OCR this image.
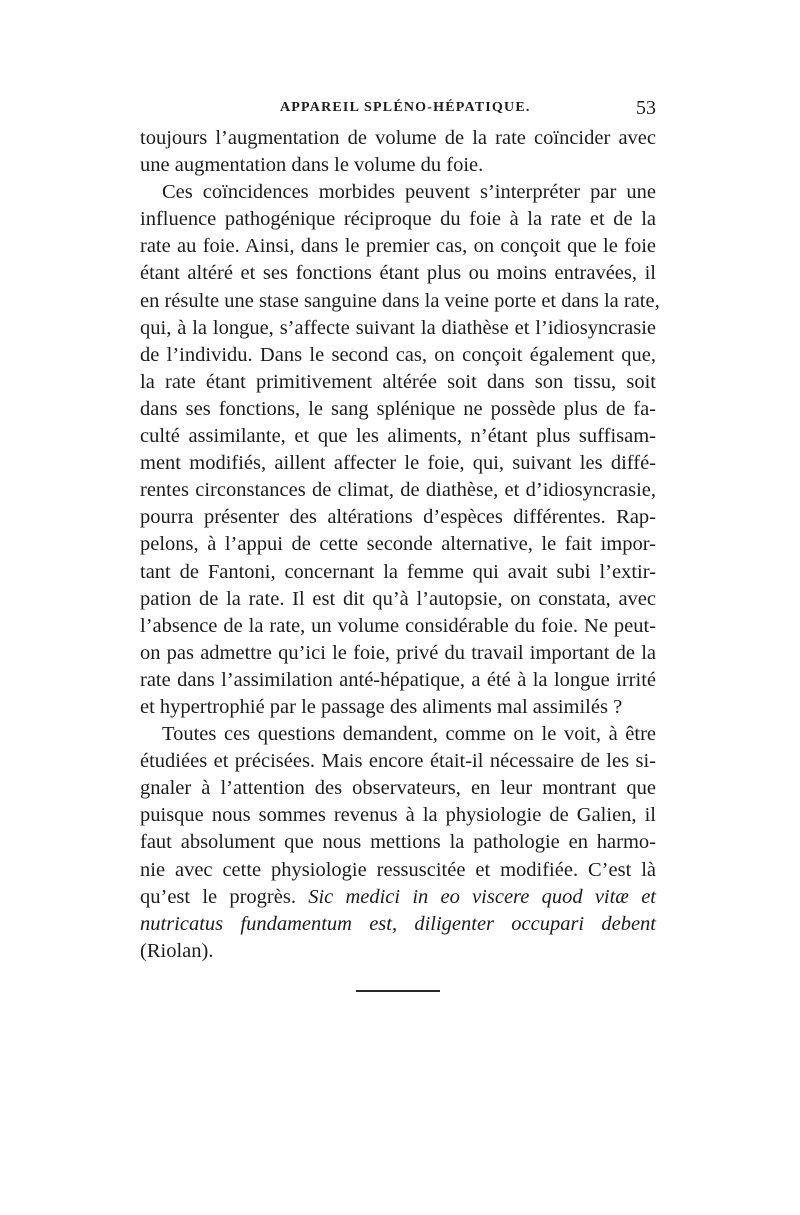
APPAREIL SPLÉNO-HÉPATIQUE.	53
toujours l’augmentation de volume de la rate coïncider avec
une augmentation dans le volume du foie.
Ces coïncidences morbides peuvent s’interpréter par une
influence pathogénique réciproque du foie à la rate et de la
rate au foie. Ainsi, dans le premier cas, on conçoit que le foie
étant altéré et ses fonctions étant plus ou moins entravées, il
en résulte une stase sanguine dans la veine porte et dans la rate,
qui, à la longue, s’affecte suivant la diathèse et l’idiosyncrasie
de l’individu. Dans le second cas, on conçoit également que,
la rate étant primitivement altérée soit dans son tissu, soit
dans ses fonctions, le sang splénique ne possède plus de fa-
culté assimilante, et que les aliments, n’étant plus suffisam-
ment modifiés, aillent affecter le foie, qui, suivant les diffé-
rentes circonstances de climat, de diathèse, et d’idiosyncrasie,
pourra présenter des altérations d’espèces différentes. Rap-
pelons, à l’appui de cette seconde alternative, le fait impor-
tant de Fantoni, concernant la femme qui avait subi l’extir-
pation de la rate. Il est dit qu’à l’autopsie, on constata, avec
l’absence de la rate, un volume considérable du foie. Ne peut-
on pas admettre qu’ici le foie, privé du travail important de la
rate dans l’assimilation anté-hépatique, a été à la longue irrité
et hypertrophié par le passage des aliments mal assimilés ?
Toutes ces questions demandent, comme on le voit, à être
étudiées et précisées. Mais encore était-il nécessaire de les si-
gnaler à l’attention des observateurs, en leur montrant que
puisque nous sommes revenus à la physiologie de Galien, il
faut absolument que nous mettions la pathologie en harmo-
nie avec cette physiologie ressuscitée et modifiée. C’est là
qu’est le progrès. Sic medici in eo viscere quod vitæ et
nutricatus fundamentum est, diligenter occupari debent
(Riolan).
